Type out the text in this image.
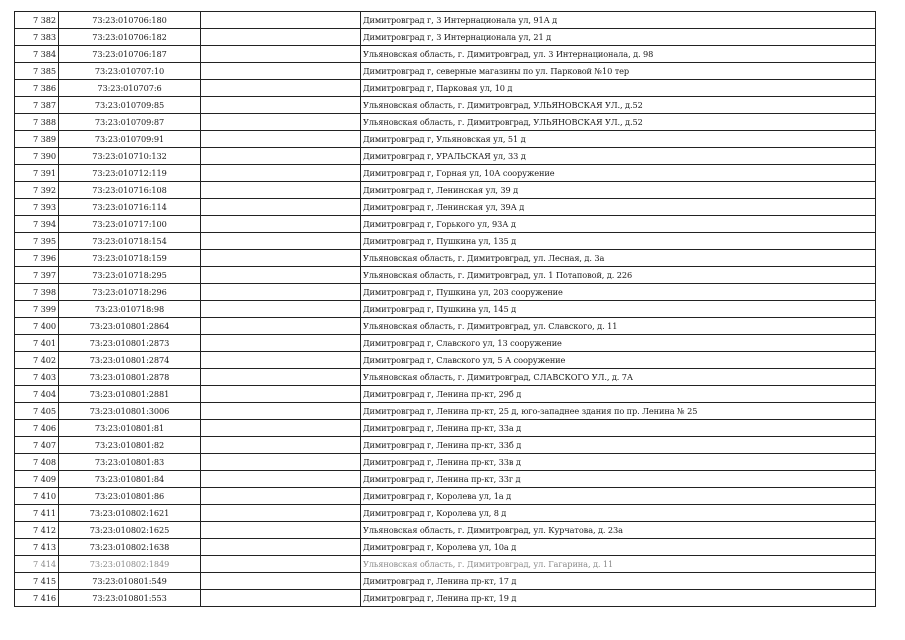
7 382	73:23:010706:180		Димитровград г, 3 Интернационала ул, 91А д
7 383	73:23:010706:182		Димитровград г, 3 Интернационала ул, 21 д
7 384	73:23:010706:187		Ульяновская область, г. Димитровград, ул. 3 Интернационала, д. 98
7 385	73:23:010707:10		Димитровград г, северные магазины по ул. Парковой №10 тер
7 386	73:23:010707:6		Димитровград г, Парковая ул, 10 д
7 387	73:23:010709:85		Ульяновская область, г. Димитровград, УЛЬЯНОВСКАЯ УЛ., д.52
7 388	73:23:010709:87		Ульяновская область, г. Димитровград, УЛЬЯНОВСКАЯ УЛ., д.52
7 389	73:23:010709:91		Димитровград г, Ульяновская ул, 51 д
7 390	73:23:010710:132		Димитровград г, УРАЛЬСКАЯ ул, 33 д
7 391	73:23:010712:119		Димитровград г, Горная ул, 10А сооружение
7 392	73:23:010716:108		Димитровград г, Ленинская ул, 39 д
7 393	73:23:010716:114		Димитровград г, Ленинская ул, 39А д
7 394	73:23:010717:100		Димитровград г, Горького ул, 93А д
7 395	73:23:010718:154		Димитровград г, Пушкина ул, 135 д
7 396	73:23:010718:159		Ульяновская область, г. Димитровград, ул. Лесная, д. 3а
7 397	73:23:010718:295		Ульяновская область, г. Димитровград, ул. 1 Потаповой, д. 226
7 398	73:23:010718:296		Димитровград г, Пушкина ул, 203 сооружение
7 399	73:23:010718:98		Димитровград г, Пушкина ул, 145 д
7 400	73:23:010801:2864		Ульяновская область, г. Димитровград, ул. Славского, д. 11
7 401	73:23:010801:2873		Димитровград г, Славского ул, 13 сооружение
7 402	73:23:010801:2874		Димитровград г, Славского ул, 5 А сооружение
7 403	73:23:010801:2878		Ульяновская область, г. Димитровград, СЛАВСКОГО УЛ., д. 7А
7 404	73:23:010801:2881		Димитровград г, Ленина пр-кт, 29б д
7 405	73:23:010801:3006		Димитровград г, Ленина пр-кт, 25 д, юго-западнее здания по пр. Ленина № 25
7 406	73:23:010801:81		Димитровград г, Ленина пр-кт, 33а д
7 407	73:23:010801:82		Димитровград г, Ленина пр-кт, 33б д
7 408	73:23:010801:83		Димитровград г, Ленина пр-кт, 33в д
7 409	73:23:010801:84		Димитровград г, Ленина пр-кт, 33г д
7 410	73:23:010801:86		Димитровград г, Королева ул, 1а д
7 411	73:23:010802:1621		Димитровград г, Королева ул, 8 д
7 412	73:23:010802:1625		Ульяновская область, г. Димитровград, ул. Курчатова, д. 23а
7 413	73:23:010802:1638		Димитровград г, Королева ул, 10а д
7 414	73:23:010802:1849		Ульяновская область, г. Димитровград, ул. Гагарина, д. 11
7 415	73:23:010801:549		Димитровград г, Ленина пр-кт, 17 д
7 416	73:23:010801:553		Димитровград г, Ленина пр-кт, 19 д
